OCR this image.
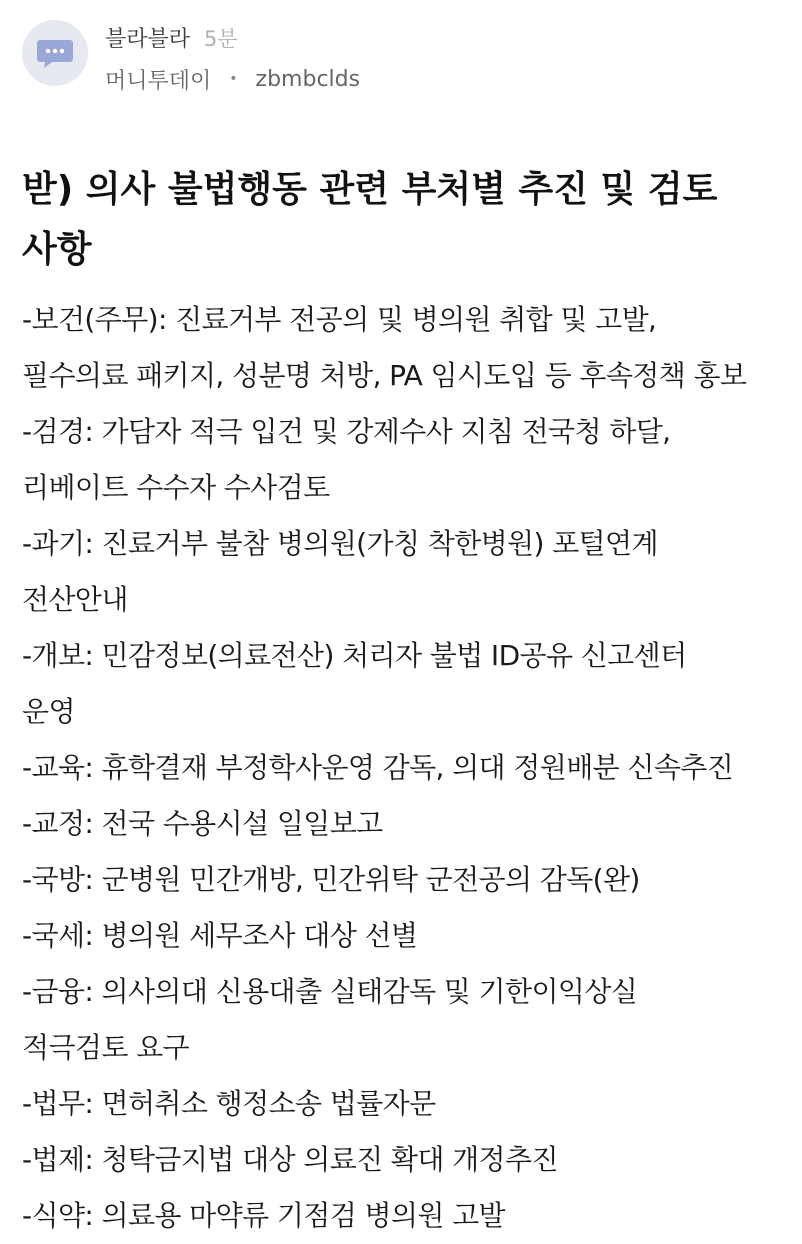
블라블라 5분
머니투데이 • zbmbclds
받) 의사 불법행동 관련 부처별 추진 및 검토사항
-보건(주무): 진료거부 전공의 및 병의원 취합 및 고발,
필수의료 패키지, 성분명 처방, PA 임시도입 등 후속정책 홍보
-검경: 가담자 적극 입건 및 강제수사 지침 전국청 하달,
리베이트 수수자 수사검토
-과기: 진료거부 불참 병의원(가칭 착한병원) 포털연계
전산안내
-개보: 민감정보(의료전산) 처리자 불법 ID공유 신고센터
운영
-교육: 휴학결재 부정학사운영 감독, 의대 정원배분 신속추진
-교정: 전국 수용시설 일일보고
-국방: 군병원 민간개방, 민간위탁 군전공의 감독(완)
-국세: 병의원 세무조사 대상 선별
-금융: 의사의대 신용대출 실태감독 및 기한이익상실
적극검토 요구
-법무: 면허취소 행정소송 법률자문
-법제: 청탁금지법 대상 의료진 확대 개정추진
-식약: 의료용 마약류 기점검 병의원 고발
